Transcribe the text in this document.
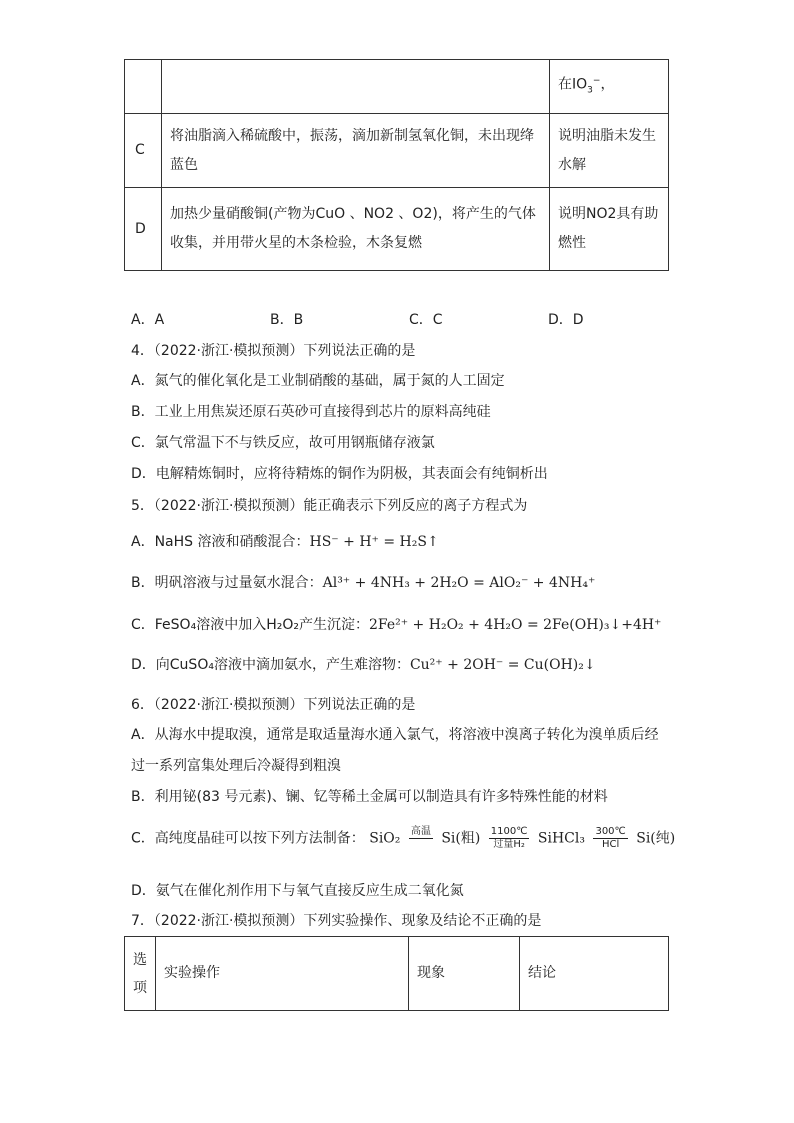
		在$IO_3^-$，
C	将油脂滴入稀硫酸中，振荡，滴加新制氢氧化铜，未出现绛蓝色	说明油脂未发生水解
D	加热少量硝酸铜(产物为CuO 、NO2 、O2)，将产生的气体收集，并用带火星的木条检验，木条复燃	说明NO2具有助燃性
A．A	B．B	C．C	D．D
4．（2022·浙江·模拟预测）下列说法正确的是
A．氮气的催化氧化是工业制硝酸的基础，属于氮的人工固定
B．工业上用焦炭还原石英砂可直接得到芯片的原料高纯硅
C．氯气常温下不与铁反应，故可用钢瓶储存液氯
D．电解精炼铜时，应将待精炼的铜作为阴极，其表面会有纯铜析出
5．（2022·浙江·模拟预测）能正确表示下列反应的离子方程式为
A．NaHS 溶液和硝酸混合：HS⁻ + H⁺ = H₂S↑
B．明矾溶液与过量氨水混合：Al³⁺ + 4NH₃ + 2H₂O = AlO₂⁻ + 4NH₄⁺
C．FeSO₄溶液中加入H₂O₂产生沉淀：2Fe²⁺ + H₂O₂ + 4H₂O = 2Fe(OH)₃↓+4H⁺
D．向CuSO₄溶液中滴加氨水，产生难溶物：Cu²⁺ + 2OH⁻ = Cu(OH)₂↓
6．（2022·浙江·模拟预测）下列说法正确的是
A．从海水中提取溴，通常是取适量海水通入氯气，将溶液中溴离子转化为溴单质后经
过一系列富集处理后冷凝得到粗溴
B．利用铋(83 号元素)、镧、钇等稀土金属可以制造具有许多特殊性能的材料
C．高纯度晶硅可以按下列方法制备： SiO₂ 高温
Si(粗) 1100℃
过量H₂ SiHCl₃ 300℃
HCl	Si(纯)
D．氨气在催化剂作用下与氧气直接反应生成二氧化氮
7．（2022·浙江·模拟预测）下列实验操作、现象及结论不正确的是
选项	实验操作	现象	结论
